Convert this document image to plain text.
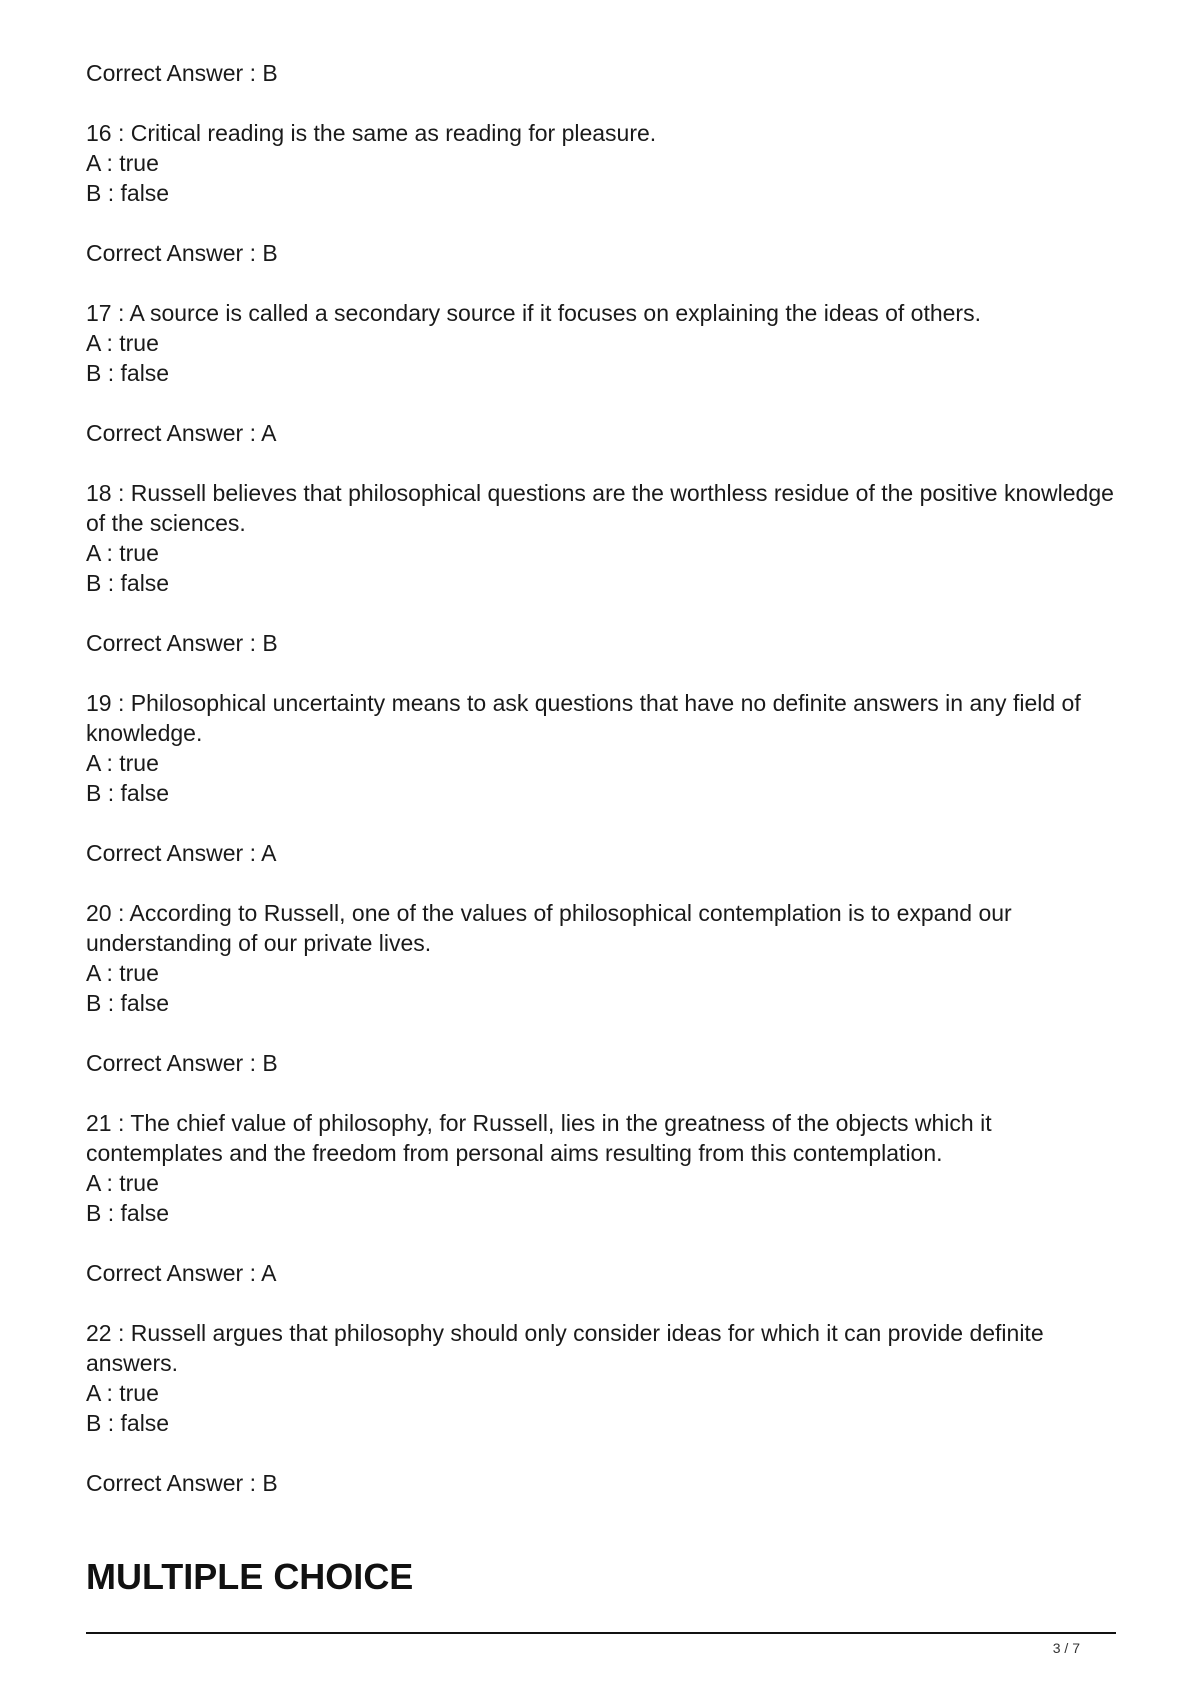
Correct Answer : B
16 : Critical reading is the same as reading for pleasure.
A : true
B : false
Correct Answer : B
17 : A source is called a secondary source if it focuses on explaining the ideas of others.
A : true
B : false
Correct Answer : A
18 : Russell believes that philosophical questions are the worthless residue of the positive knowledge of the sciences.
A : true
B : false
Correct Answer : B
19 : Philosophical uncertainty means to ask questions that have no definite answers in any field of knowledge.
A : true
B : false
Correct Answer : A
20 : According to Russell, one of the values of philosophical contemplation is to expand our understanding of our private lives.
A : true
B : false
Correct Answer : B
21 : The chief value of philosophy, for Russell, lies in the greatness of the objects which it contemplates and the freedom from personal aims resulting from this contemplation.
A : true
B : false
Correct Answer : A
22 : Russell argues that philosophy should only consider ideas for which it can provide definite answers.
A : true
B : false
Correct Answer : B
MULTIPLE CHOICE
3 / 7
